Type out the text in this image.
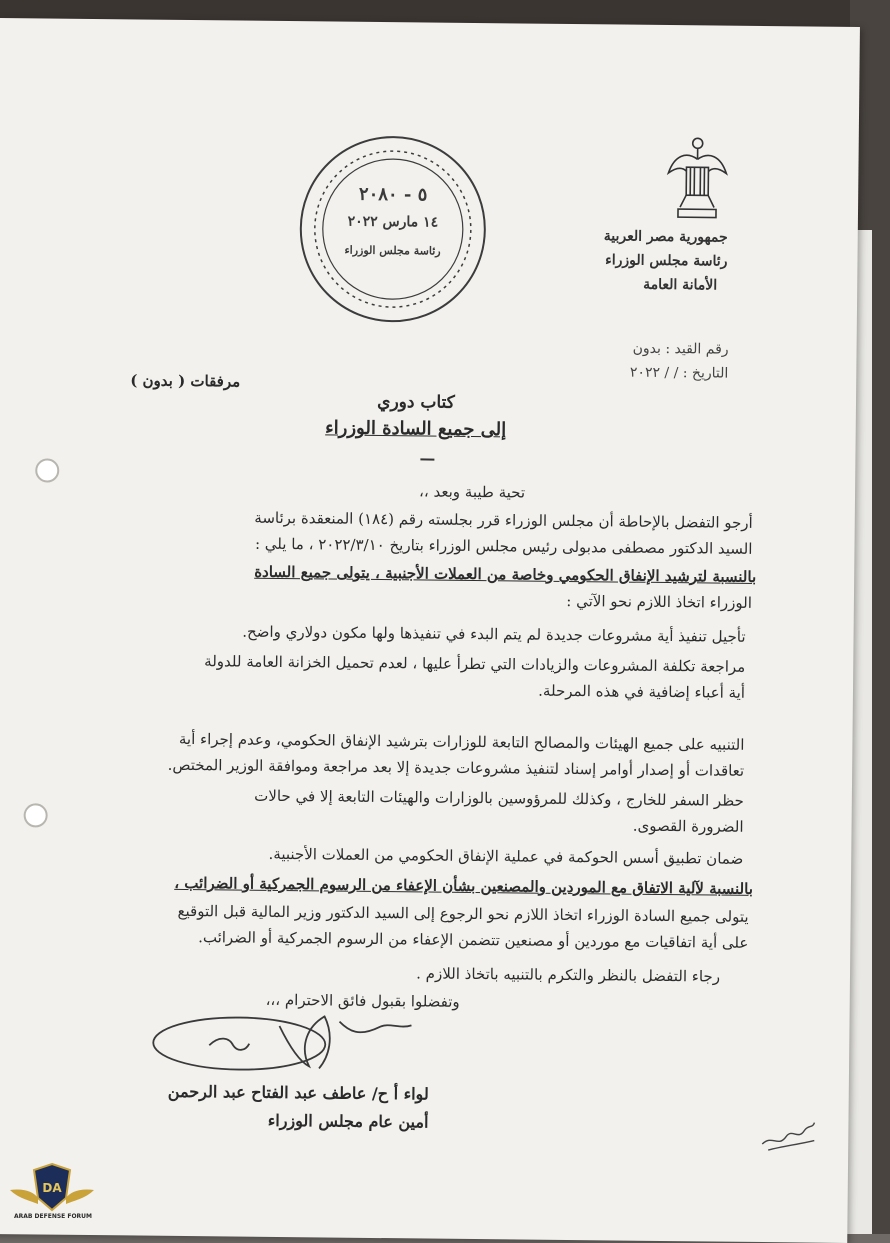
جمهورية مصر العربية
رئاسة مجلس الوزراء
الأمانة العامة
رقم القيد : بدون
التاريخ : / / ٢٠٢٢
٥ - ٢٠٨٠
١٤ مارس ٢٠٢٢
رئاسة مجلس الوزراء
مرفقات ( بدون )
كتاب دوري
إلى جميع السادة الوزراء
تحية طيبة وبعد ،،
أرجو التفضل بالإحاطة أن مجلس الوزراء قرر بجلسته رقم (١٨٤) المنعقدة برئاسة
السيد الدكتور مصطفى مدبولى رئيس مجلس الوزراء بتاريخ ٢٠٢٢/٣/١٠ ، ما يلي :
بالنسبة لترشيد الإنفاق الحكومي وخاصة من العملات الأجنبية ، يتولى جميع السادة
الوزراء اتخاذ اللازم نحو الآتي :
تأجيل تنفيذ أية مشروعات جديدة لم يتم البدء في تنفيذها ولها مكون دولاري واضح.
مراجعة تكلفة المشروعات والزيادات التي تطرأ عليها ، لعدم تحميل الخزانة العامة للدولة
أية أعباء إضافية في هذه المرحلة.
التنبيه على جميع الهيئات والمصالح التابعة للوزارات بترشيد الإنفاق الحكومي، وعدم إجراء أية
تعاقدات أو إصدار أوامر إسناد لتنفيذ مشروعات جديدة إلا بعد مراجعة وموافقة الوزير المختص.
حظر السفر للخارج ، وكذلك للمرؤوسين بالوزارات والهيئات التابعة إلا في حالات
الضرورة القصوى.
ضمان تطبيق أسس الحوكمة في عملية الإنفاق الحكومي من العملات الأجنبية.
بالنسبة لآلية الاتفاق مع الموردين والمصنعين بشأن الإعفاء من الرسوم الجمركية أو الضرائب ،
يتولى جميع السادة الوزراء اتخاذ اللازم نحو الرجوع إلى السيد الدكتور وزير المالية قبل التوقيع
على أية اتفاقيات مع موردين أو مصنعين تتضمن الإعفاء من الرسوم الجمركية أو الضرائب.
رجاء التفضل بالنظر والتكرم بالتنبيه باتخاذ اللازم .
وتفضلوا بقبول فائق الاحترام ،،،
لواء أ ح/ عاطف عبد الفتاح عبد الرحمن
أمين عام مجلس الوزراء
DA
ARAB DEFENSE FORUM
